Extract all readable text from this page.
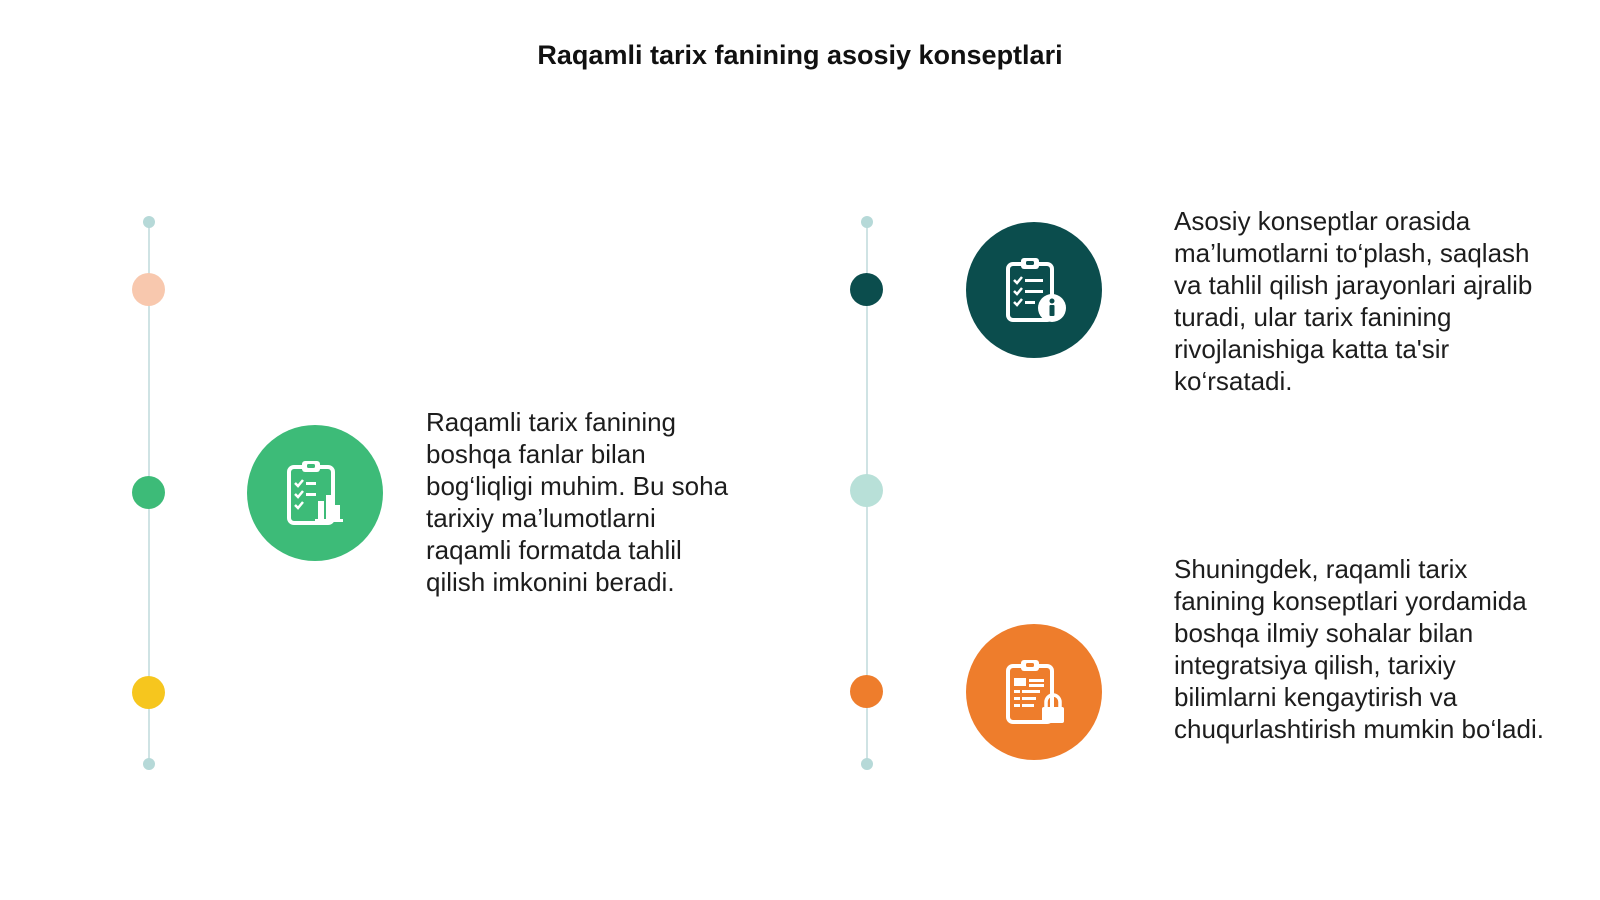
Raqamli tarix fanining asosiy konseptlari
Raqamli tarix fanining boshqa fanlar bilan bog‘liqligi muhim. Bu soha tarixiy ma’lumotlarni raqamli formatda tahlil qilish imkonini beradi.
Asosiy konseptlar orasida ma’lumotlarni to‘plash, saqlash va tahlil qilish jarayonlari ajralib turadi, ular tarix fanining rivojlanishiga katta ta'sir ko‘rsatadi.
Shuningdek, raqamli tarix fanining konseptlari yordamida boshqa ilmiy sohalar bilan integratsiya qilish, tarixiy bilimlarni kengaytirish va chuqurlashtirish mumkin bo‘ladi.
